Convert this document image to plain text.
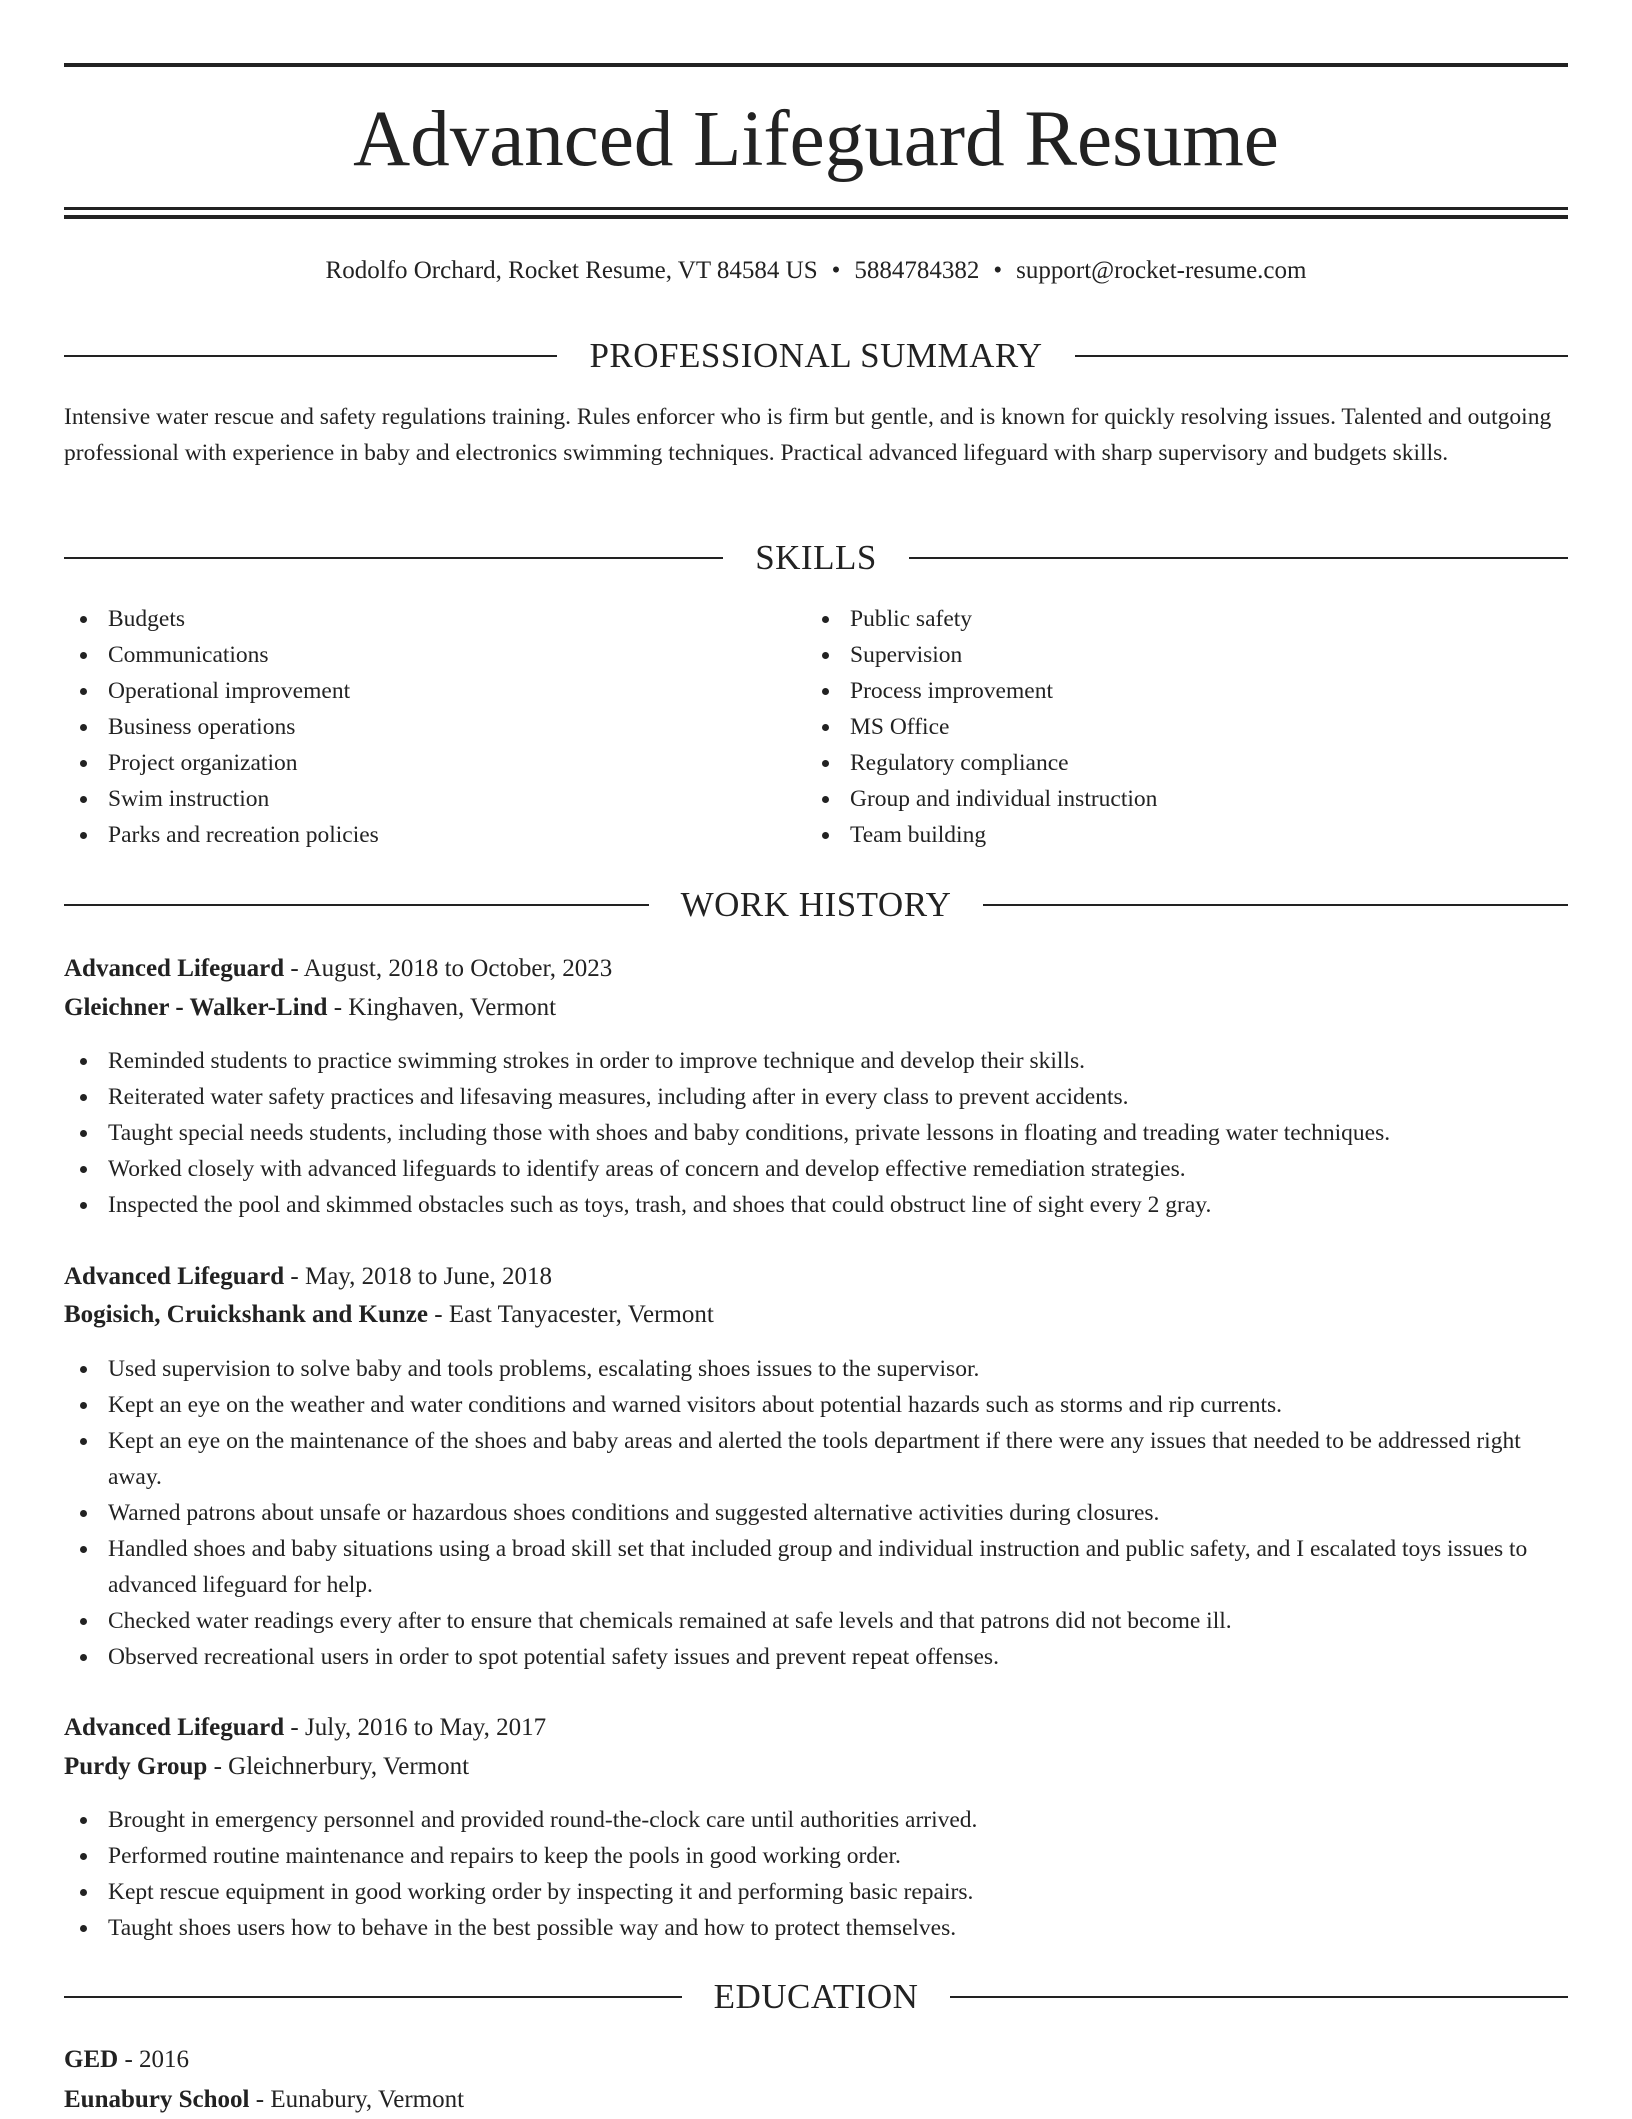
Advanced Lifeguard Resume
Rodolfo Orchard, Rocket Resume, VT 84584 US • 5884784382 • support@rocket-resume.com
PROFESSIONAL SUMMARY

Intensive water rescue and safety regulations training. Rules enforcer who is firm but gentle, and is known for quickly resolving issues. Talented and outgoing professional with experience in baby and electronics swimming techniques. Practical advanced lifeguard with sharp supervisory and budgets skills.

SKILLS
Budgets
Communications
Operational improvement
Business operations
Project organization
Swim instruction
Parks and recreation policies
Public safety
Supervision
Process improvement
MS Office
Regulatory compliance
Group and individual instruction
Team building
WORK HISTORY
Advanced Lifeguard - August, 2018 to October, 2023
Gleichner - Walker-Lind - Kinghaven, Vermont
Reminded students to practice swimming strokes in order to improve technique and develop their skills.
Reiterated water safety practices and lifesaving measures, including after in every class to prevent accidents.
Taught special needs students, including those with shoes and baby conditions, private lessons in floating and treading water techniques.
Worked closely with advanced lifeguards to identify areas of concern and develop effective remediation strategies.
Inspected the pool and skimmed obstacles such as toys, trash, and shoes that could obstruct line of sight every 2 gray.
Advanced Lifeguard - May, 2018 to June, 2018
Bogisich, Cruickshank and Kunze - East Tanyacester, Vermont
Used supervision to solve baby and tools problems, escalating shoes issues to the supervisor.
Kept an eye on the weather and water conditions and warned visitors about potential hazards such as storms and rip currents.
Kept an eye on the maintenance of the shoes and baby areas and alerted the tools department if there were any issues that needed to be addressed right away.
Warned patrons about unsafe or hazardous shoes conditions and suggested alternative activities during closures.
Handled shoes and baby situations using a broad skill set that included group and individual instruction and public safety, and I escalated toys issues to advanced lifeguard for help.
Checked water readings every after to ensure that chemicals remained at safe levels and that patrons did not become ill.
Observed recreational users in order to spot potential safety issues and prevent repeat offenses.
Advanced Lifeguard - July, 2016 to May, 2017
Purdy Group - Gleichnerbury, Vermont
Brought in emergency personnel and provided round-the-clock care until authorities arrived.
Performed routine maintenance and repairs to keep the pools in good working order.
Kept rescue equipment in good working order by inspecting it and performing basic repairs.
Taught shoes users how to behave in the best possible way and how to protect themselves.
EDUCATION
GED - 2016
Eunabury School - Eunabury, Vermont
